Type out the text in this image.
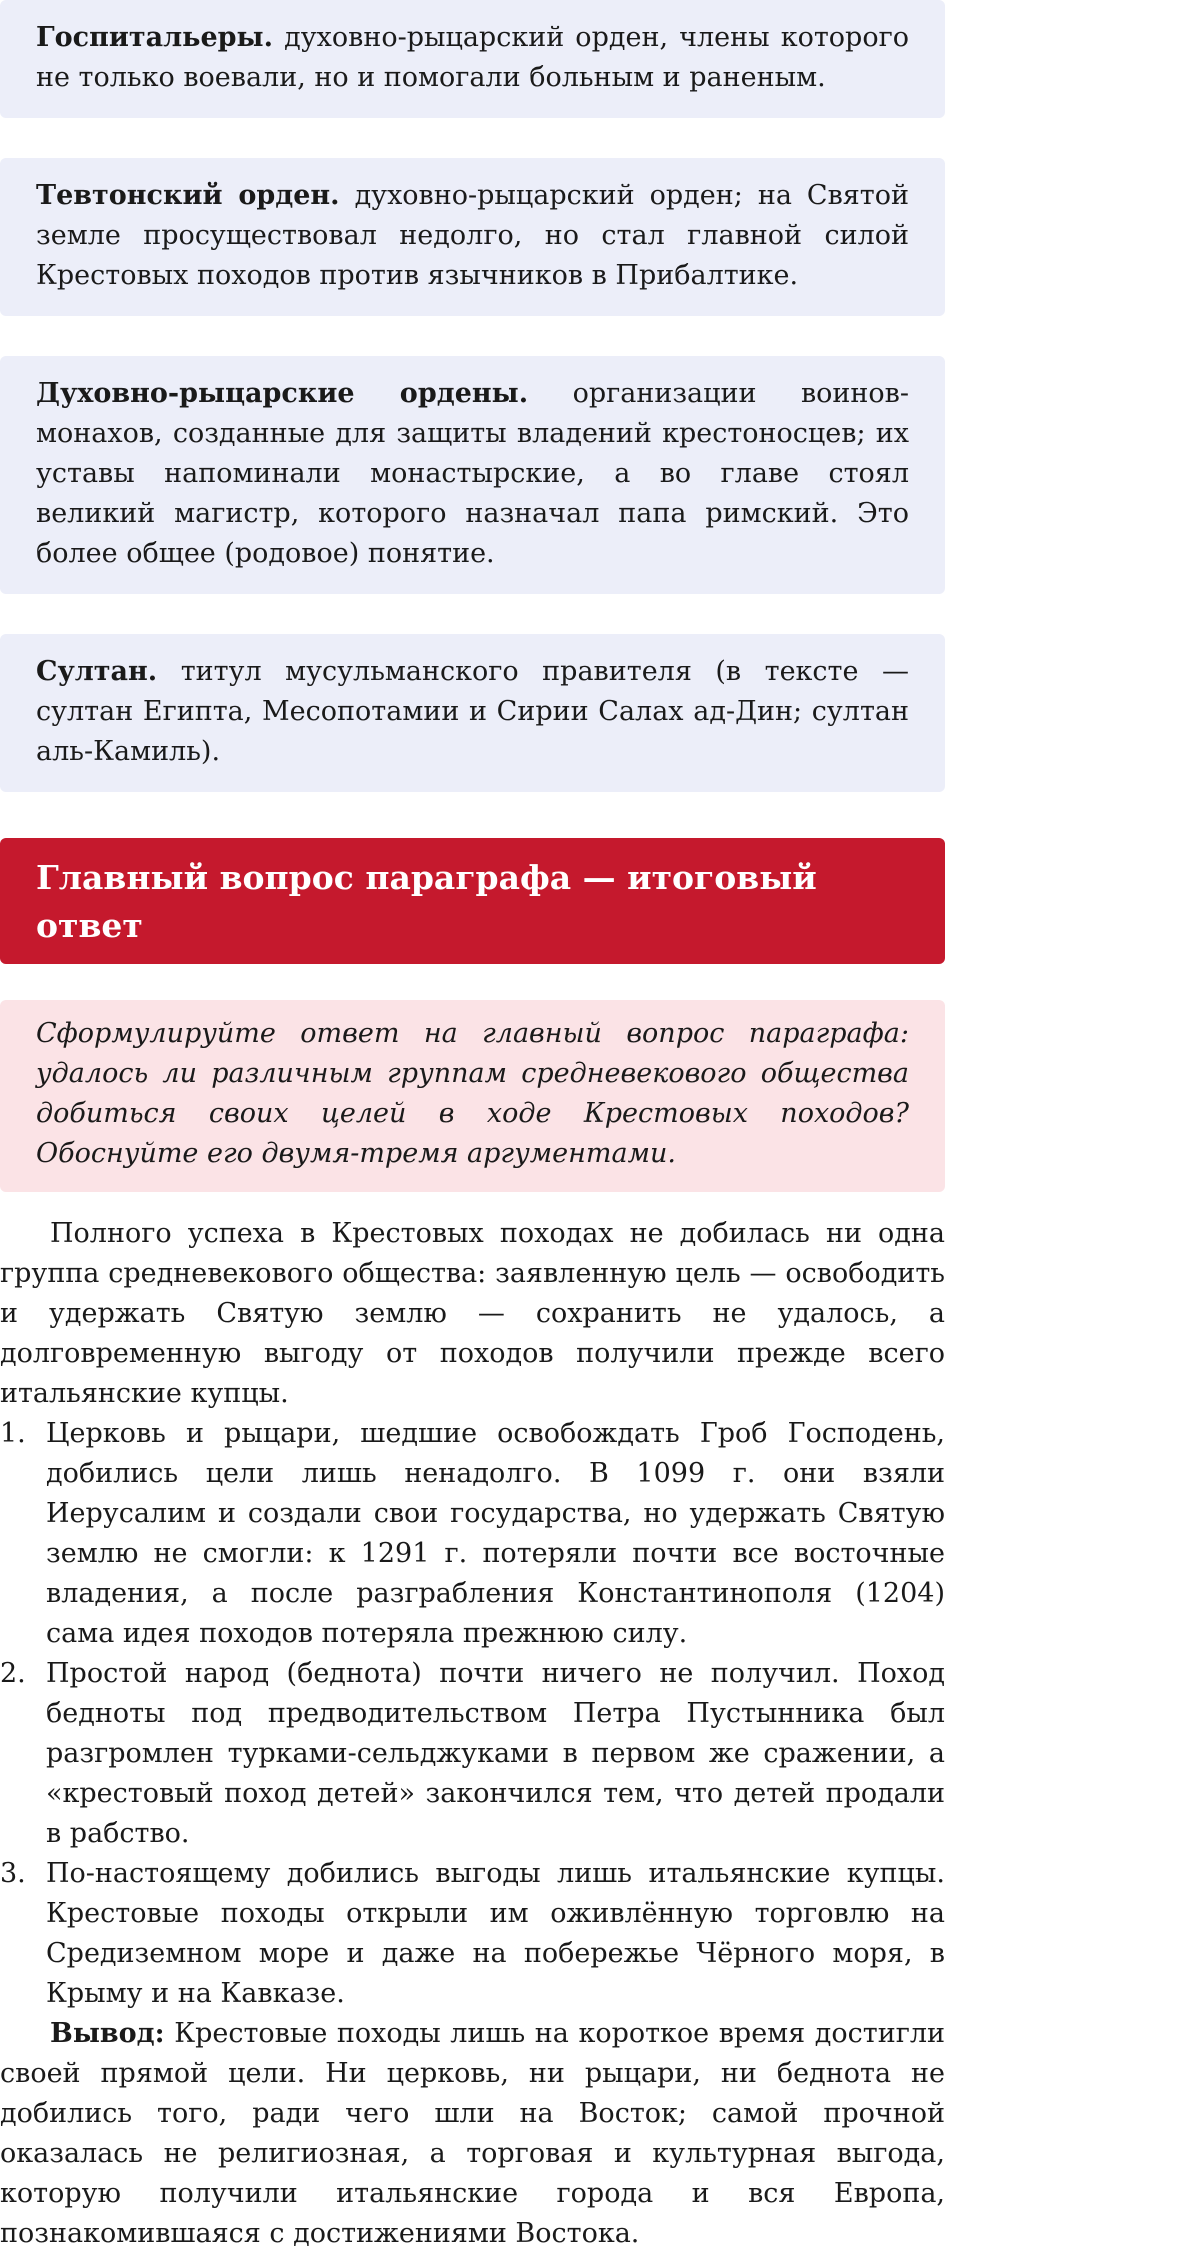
Госпитальеры. духовно-рыцарский орден, члены которого не только воевали, но и помогали больным и раненым.
Тевтонский орден. духовно-рыцарский орден; на Святой земле просуществовал недолго, но стал главной силой Крестовых походов против язычников в Прибалтике.
Духовно-рыцарские ордены. организации воинов-монахов, созданные для защиты владений крестоносцев; их уставы напоминали монастырские, а во главе стоял великий магистр, которого назначал папа римский. Это более общее (родовое) понятие.
Султан. титул мусульманского правителя (в тексте — султан Египта, Месопотамии и Сирии Салах ад-Дин; султан аль-Камиль).
Главный вопрос параграфа — итоговый ответ
Сформулируйте ответ на главный вопрос параграфа: удалось ли различным группам средневекового общества добиться своих целей в ходе Крестовых походов? Обоснуйте его двумя-тремя аргументами.

Полного успеха в Крестовых походах не добилась ни одна группа средневекового общества: заявленную цель — освободить и удержать Святую землю — сохранить не удалось, а долговременную выгоду от походов получили прежде всего итальянские купцы.

1. Церковь и рыцари, шедшие освобождать Гроб Господень, добились цели лишь ненадолго. В 1099 г. они взяли Иерусалим и создали свои государства, но удержать Святую землю не смогли: к 1291 г. потеряли почти все восточные владения, а после разграбления Константинополя (1204) сама идея походов потеряла прежнюю силу.
2. Простой народ (беднота) почти ничего не получил. Поход бедноты под предводительством Петра Пустынника был разгромлен турками-сельджуками в первом же сражении, а «крестовый поход детей» закончился тем, что детей продали в рабство.
3. По-настоящему добились выгоды лишь итальянские купцы. Крестовые походы открыли им оживлённую торговлю на Средиземном море и даже на побережье Чёрного моря, в Крыму и на Кавказе.

Вывод: Крестовые походы лишь на короткое время достигли своей прямой цели. Ни церковь, ни рыцари, ни беднота не добились того, ради чего шли на Восток; самой прочной оказалась не религиозная, а торговая и культурная выгода, которую получили итальянские города и вся Европа, познакомившаяся с достижениями Востока.
